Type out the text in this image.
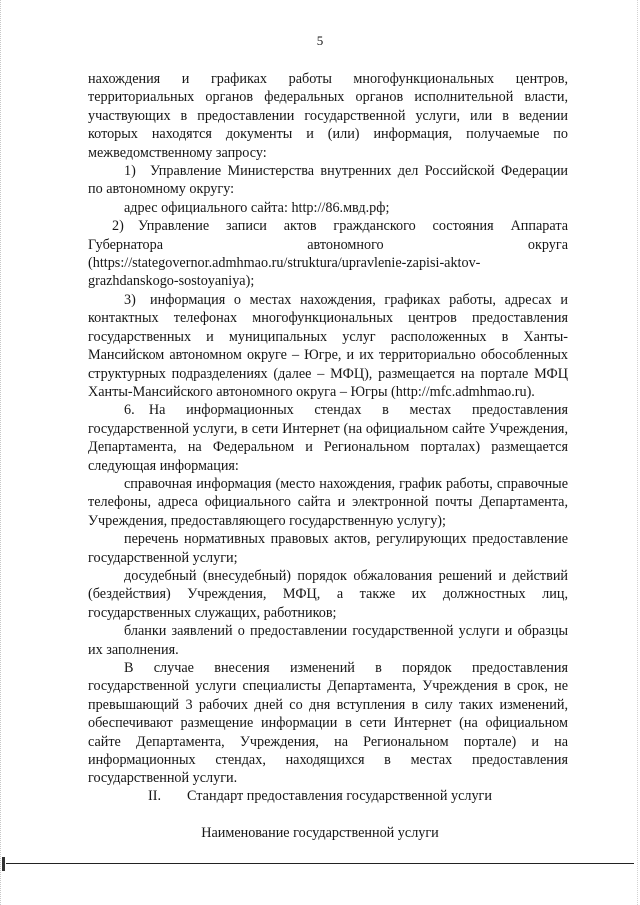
5

нахождения и графиках работы многофункциональных центров, территориальных органов федеральных органов исполнительной власти, участвующих в предоставлении государственной услуги, или в ведении которых находятся документы и (или) информация, получаемые по межведомственному запросу:

1) Управление Министерства внутренних дел Российской Федерации по автономному округу:

адрес официального сайта: http://86.мвд.рф;

2) Управление записи актов гражданского состояния Аппарата Губернатора автономного округа (https://stategovernor.admhmao.ru/struktura/upravlenie-zapisi-aktov-grazhdanskogo-sostoyaniya);

3) информация о местах нахождения, графиках работы, адресах и контактных телефонах многофункциональных центров предоставления государственных и муниципальных услуг расположенных в Ханты-Мансийском автономном округе – Югре, и их территориально обособленных структурных подразделениях (далее – МФЦ), размещается на портале МФЦ Ханты-Мансийского автономного округа – Югры (http://mfc.admhmao.ru).

6. На информационных стендах в местах предоставления государственной услуги, в сети Интернет (на официальном сайте Учреждения, Департамента, на Федеральном и Региональном порталах) размещается следующая информация:

справочная информация (место нахождения, график работы, справочные телефоны, адреса официального сайта и электронной почты Департамента, Учреждения, предоставляющего государственную услугу);

перечень нормативных правовых актов, регулирующих предоставление государственной услуги;

досудебный (внесудебный) порядок обжалования решений и действий (бездействия) Учреждения, МФЦ, а также их должностных лиц, государственных служащих, работников;

бланки заявлений о предоставлении государственной услуги и образцы их заполнения.

В случае внесения изменений в порядок предоставления государственной услуги специалисты Департамента, Учреждения в срок, не превышающий 3 рабочих дней со дня вступления в силу таких изменений, обеспечивают размещение информации в сети Интернет (на официальном сайте Департамента, Учреждения, на Региональном портале) и на информационных стендах, находящихся в местах предоставления государственной услуги.

II. Стандарт предоставления государственной услуги
Наименование государственной услуги
